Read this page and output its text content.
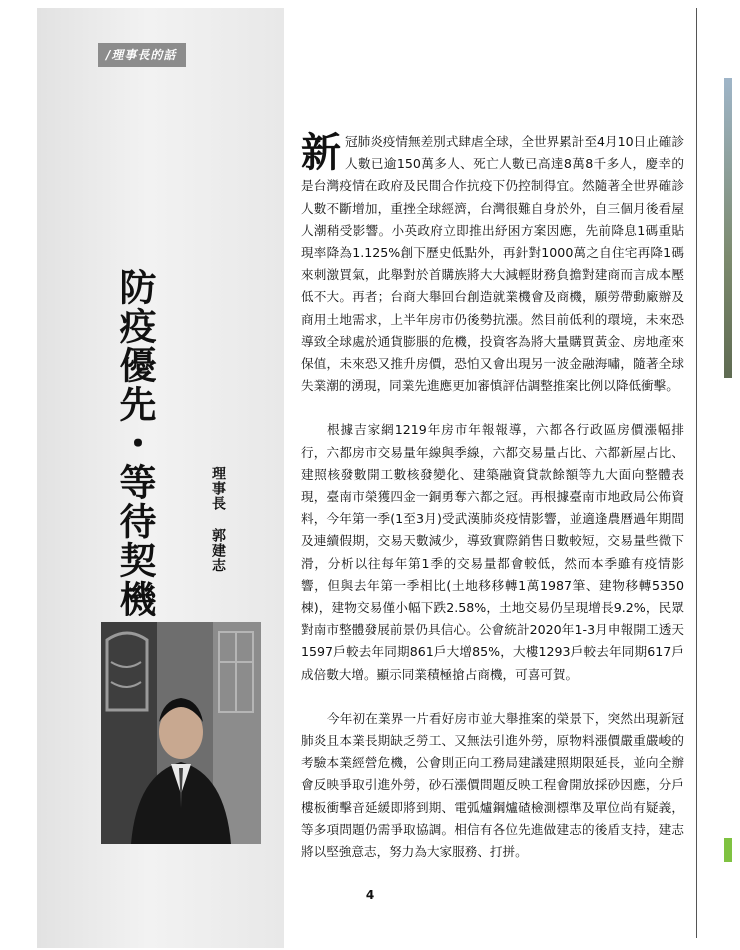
/理事長的話
防疫優先・等待契機	理事長 郭建志

新冠肺炎疫情無差別式肆虐全球，全世界累計至4月10日止確診人數已逾150萬多人、死亡人數已高達8萬8千多人，慶幸的是台灣疫情在政府及民間合作抗疫下仍控制得宜。然隨著全世界確診人數不斷增加，重挫全球經濟，台灣很難自身於外，自三個月後看屋人潮稍受影響。小英政府立即推出紓困方案因應，先前降息1碼重貼現率降為1.125%創下歷史低點外，再針對1000萬之自住宅再降1碼來刺激買氣，此舉對於首購族將大大減輕財務負擔對建商而言成本壓低不大。再者；台商大舉回台創造就業機會及商機，願勞帶動廠辦及商用土地需求，上半年房市仍後勢抗漲。然目前低利的環境，未來恐導致全球處於通貨膨脹的危機，投資客為將大量購買黃金、房地產來保值，未來恐又推升房價，恐怕又會出現另一波金融海嘯，隨著全球失業潮的湧現，同業先進應更加審慎評估調整推案比例以降低衝擊。

根據吉家網1219年房市年報報導，六都各行政區房價漲幅排行，六都房市交易量年線與季線，六都交易量占比、六都新屋占比、建照核發數開工數核發變化、建築融資貸款餘額等九大面向整體表現，臺南市榮獲四金一銅勇奪六都之冠。再根據臺南市地政局公佈資料，今年第一季(1至3月)受武漢肺炎疫情影響，並適逢農曆過年期間及連續假期，交易天數減少，導致實際銷售日數較短，交易量些微下滑，分析以往每年第1季的交易量都會較低，然而本季雖有疫情影響，但與去年第一季相比(土地移移轉1萬1987筆、建物移轉5350棟)，建物交易僅小幅下跌2.58%，土地交易仍呈現增長9.2%，民眾對南市整體發展前景仍具信心。公會統計2020年1-3月申報開工透天1597戶較去年同期861戶大增85%，大樓1293戶較去年同期617戶成倍數大增。顯示同業積極搶占商機，可喜可賀。

今年初在業界一片看好房市並大舉推案的榮景下，突然出現新冠肺炎且本業長期缺乏勞工、又無法引進外勞，原物料漲價嚴重嚴峻的考驗本業經營危機，公會則正向工務局建議建照期限延長，並向全辦會反映爭取引進外勞，砂石漲價問題反映工程會開放採砂因應，分戶樓板衝擊音延緩即將到期、電弧爐鋼爐碴檢測標準及單位尚有疑義，等多項問題仍需爭取協調。相信有各位先進做建志的後盾支持，建志將以堅強意志，努力為大家服務、打拼。

4
